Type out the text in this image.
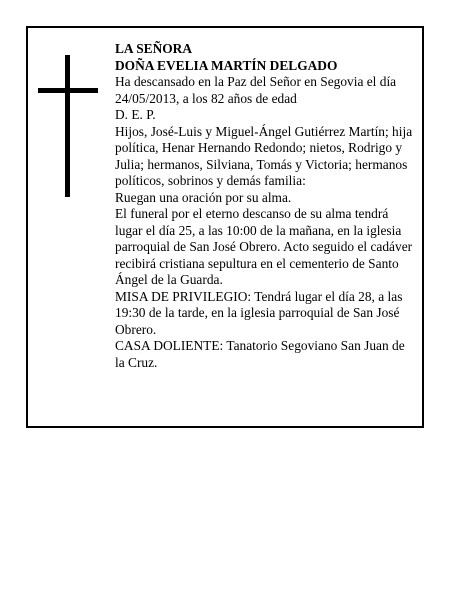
LA SEÑORA

DOÑA EVELIA MARTÍN DELGADO

Ha descansado en la Paz del Señor en Segovia el día 24/05/2013, a los 82 años de edad

D. E. P.

Hijos, José-Luis y Miguel-Ángel Gutiérrez Martín; hija política, Henar Hernando Redondo; nietos, Rodrigo y Julia; hermanos, Silviana, Tomás y Victoria; hermanos políticos, sobrinos y demás familia:

Ruegan una oración por su alma.

El funeral por el eterno descanso de su alma tendrá lugar el día 25, a las 10:00 de la mañana, en la iglesia parroquial de San José Obrero. Acto seguido el cadáver recibirá cristiana sepultura en el cementerio de Santo Ángel de la Guarda.

MISA DE PRIVILEGIO: Tendrá lugar el día 28, a las 19:30 de la tarde, en la iglesia parroquial de San José Obrero.

CASA DOLIENTE: Tanatorio Segoviano San Juan de la Cruz.
